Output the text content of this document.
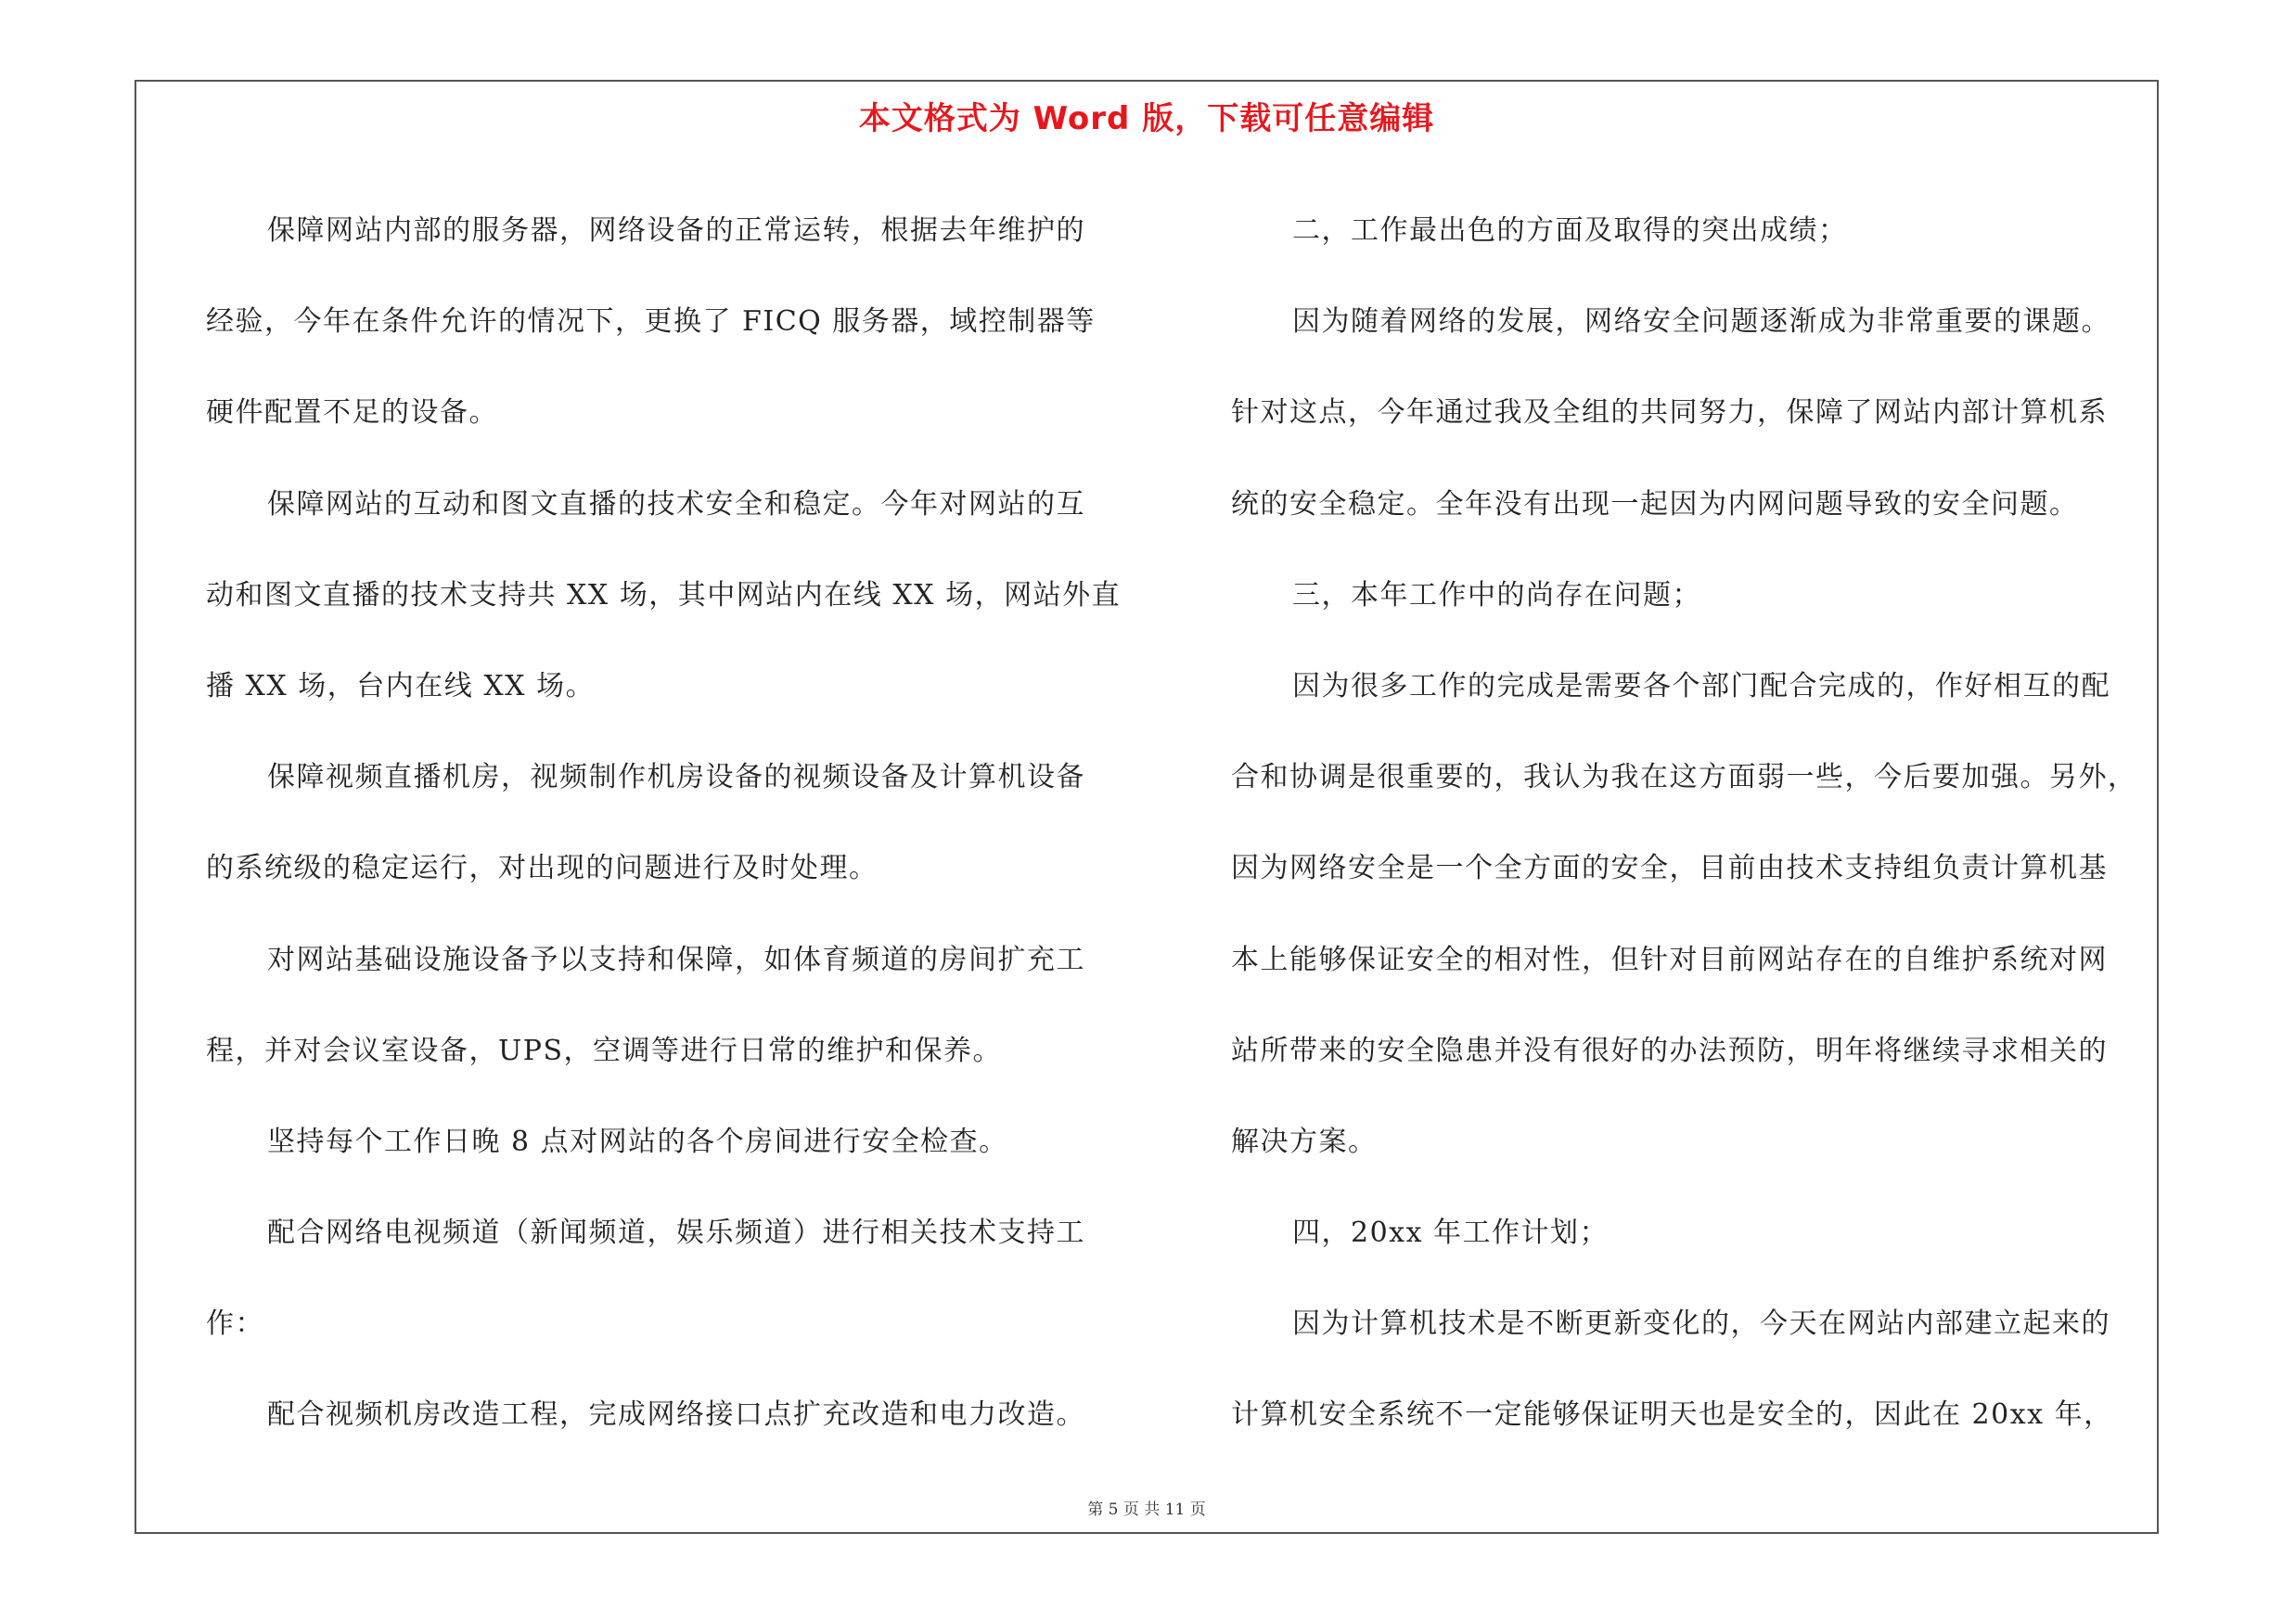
本文格式为 Word 版，下载可任意编辑
保障网站内部的服务器，网络设备的正常运转，根据去年维护的
经验，今年在条件允许的情况下，更换了 FICQ 服务器，域控制器等
硬件配置不足的设备。
保障网站的互动和图文直播的技术安全和稳定。今年对网站的互
动和图文直播的技术支持共 XX 场，其中网站内在线 XX 场，网站外直
播 XX 场，台内在线 XX 场。
保障视频直播机房，视频制作机房设备的视频设备及计算机设备
的系统级的稳定运行，对出现的问题进行及时处理。
对网站基础设施设备予以支持和保障，如体育频道的房间扩充工
程，并对会议室设备，UPS，空调等进行日常的维护和保养。
坚持每个工作日晚 8 点对网站的各个房间进行安全检查。
配合网络电视频道（新闻频道，娱乐频道）进行相关技术支持工
作：
配合视频机房改造工程，完成网络接口点扩充改造和电力改造。
二，工作最出色的方面及取得的突出成绩；
因为随着网络的发展，网络安全问题逐渐成为非常重要的课题。
针对这点，今年通过我及全组的共同努力，保障了网站内部计算机系
统的安全稳定。全年没有出现一起因为内网问题导致的安全问题。
三，本年工作中的尚存在问题；
因为很多工作的完成是需要各个部门配合完成的，作好相互的配
合和协调是很重要的，我认为我在这方面弱一些，今后要加强。另外，
因为网络安全是一个全方面的安全，目前由技术支持组负责计算机基
本上能够保证安全的相对性，但针对目前网站存在的自维护系统对网
站所带来的安全隐患并没有很好的办法预防，明年将继续寻求相关的
解决方案。
四，20xx 年工作计划；
因为计算机技术是不断更新变化的，今天在网站内部建立起来的
计算机安全系统不一定能够保证明天也是安全的，因此在 20xx 年，
第 5 页 共 11 页
